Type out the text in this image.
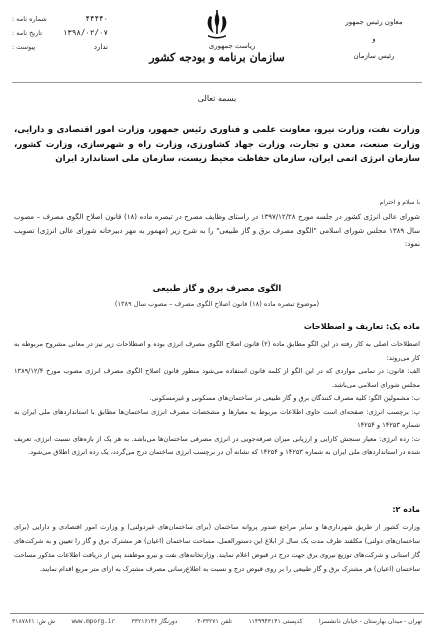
۴۴۴۴۰
شماره نامه :
۱۳۹۸/۰۲/۰۷
تاریخ نامه :
ندارد
پیوست :	ریاست جمهوری
سازمان برنامه و بودجه کشور
معاون رئیس جمهور
و
رئیس سازمان
بسمه تعالی
وزارت نفت، وزارت نیرو، معاونت علمی و فناوری رئیس جمهور، وزارت امور اقتصادی و دارایی، وزارت صنعت، معدن و تجارت، وزارت جهاد کشاورزی، وزارت راه و شهرسازی، وزارت کشور، سازمان انرژی اتمی ایران، سازمان حفاظت محیط زیست، سازمان ملی استاندارد ایران
با سلام و احترام
شورای عالی انرژی کشور در جلسه مورخ ۱۳۹۷/۱۲/۲۸ در راستای وظایف مصرح در تبصره ماده (۱۸) قانون اصلاح الگوی مصرف – مصوب سال ۱۳۸۹ مجلس شورای اسلامی "الگوی مصرف برق و گاز طبیعی" را به شرح زیر (مهمور به مهر دبیرخانه شورای عالی انرژی) تصویب نمود:
الگوی مصرف برق و گاز طبیعی
(موضوع تبصره ماده (۱۸) قانون اصلاح الگوی مصرف – مصوب سال ۱۳۸۹)
ماده یک: تعاریف و اصطلاحات

اصطلاحات اصلی به کار رفته در این الگو مطابق ماده (۲) قانون اصلاح الگوی مصرف انرژی بوده و اصطلاحات زیر نیز در معانی مشروح مربوطه به کار می‌روند:

الف: قانون: در تمامی مواردی که در این الگو از کلمه قانون استفاده می‌شود منظور قانون اصلاح الگوی مصرف انرژی مصوب مورخ ۱۳۸۹/۱۲/۴ مجلس شورای اسلامی می‌باشد.

ب: مشمولین الگو: کلیه مصرف کنندگان برق و گاز طبیعی در ساختمان‌های مسکونی و غیرمسکونی.

پ: برچسب انرژی: صفحه‌ای است حاوی اطلاعات مربوط به معیارها و مشخصات مصرف انرژی ساختمان‌ها مطابق با استانداردهای ملی ایران به شماره ۱۴۲۵۳ و ۱۴۲۵۴

ت: رده انرژی: معیار سنجش کارایی و ارزیابی میزان صرفه‌جویی در انرژی مصرفی ساختمان‌ها می‌باشد. به هر یک از بازه‌های نسبت انرژی، تعریف شده در استانداردهای ملی ایران به شماره ۱۴۲۵۳ و ۱۴۲۵۴ که نشانه آن در برچسب انرژی ساختمان درج می‌گردد، یک رده انرژی اطلاق می‌شود.

ماده ۲:
وزارت کشور از طریق شهرداری‌ها و سایر مراجع صدور پروانه ساختمان (برای ساختمان‌های غیردولتی) و وزارت امور اقتصادی و دارایی (برای ساختمان‌های دولتی) مکلفند ظرف مدت یک سال از ابلاغ این دستورالعمل، مساحت ساختمان (اعیان) هر مشترک برق و گاز را تعیین و به شرکت‌های گاز استانی و شرکت‌های توزیع نیروی برق جهت درج در قبوض اعلام نمایند. وزارتخانه‌های نفت و نیرو موظفند پس از دریافت اطلاعات مذکور مساحت ساختمان (اعیان) هر مشترک برق و گاز طبیعی را بر روی قبوض درج و نسبت به اطلاع‌رسانی مصرف مشترک به ازای متر مربع اقدام نمایند.
تهران - میدان بهارستان - خیابان دانشسرا
کدپستی ۱۱۴۹۹۴۳۱۴۱
تلفن ۳۳۲۷۱-۰۴
دورنگار ۳۳۲۱۶۱۴۶
www.mporg.ir
ش ش: ۳۱۸۷۸۶۱
